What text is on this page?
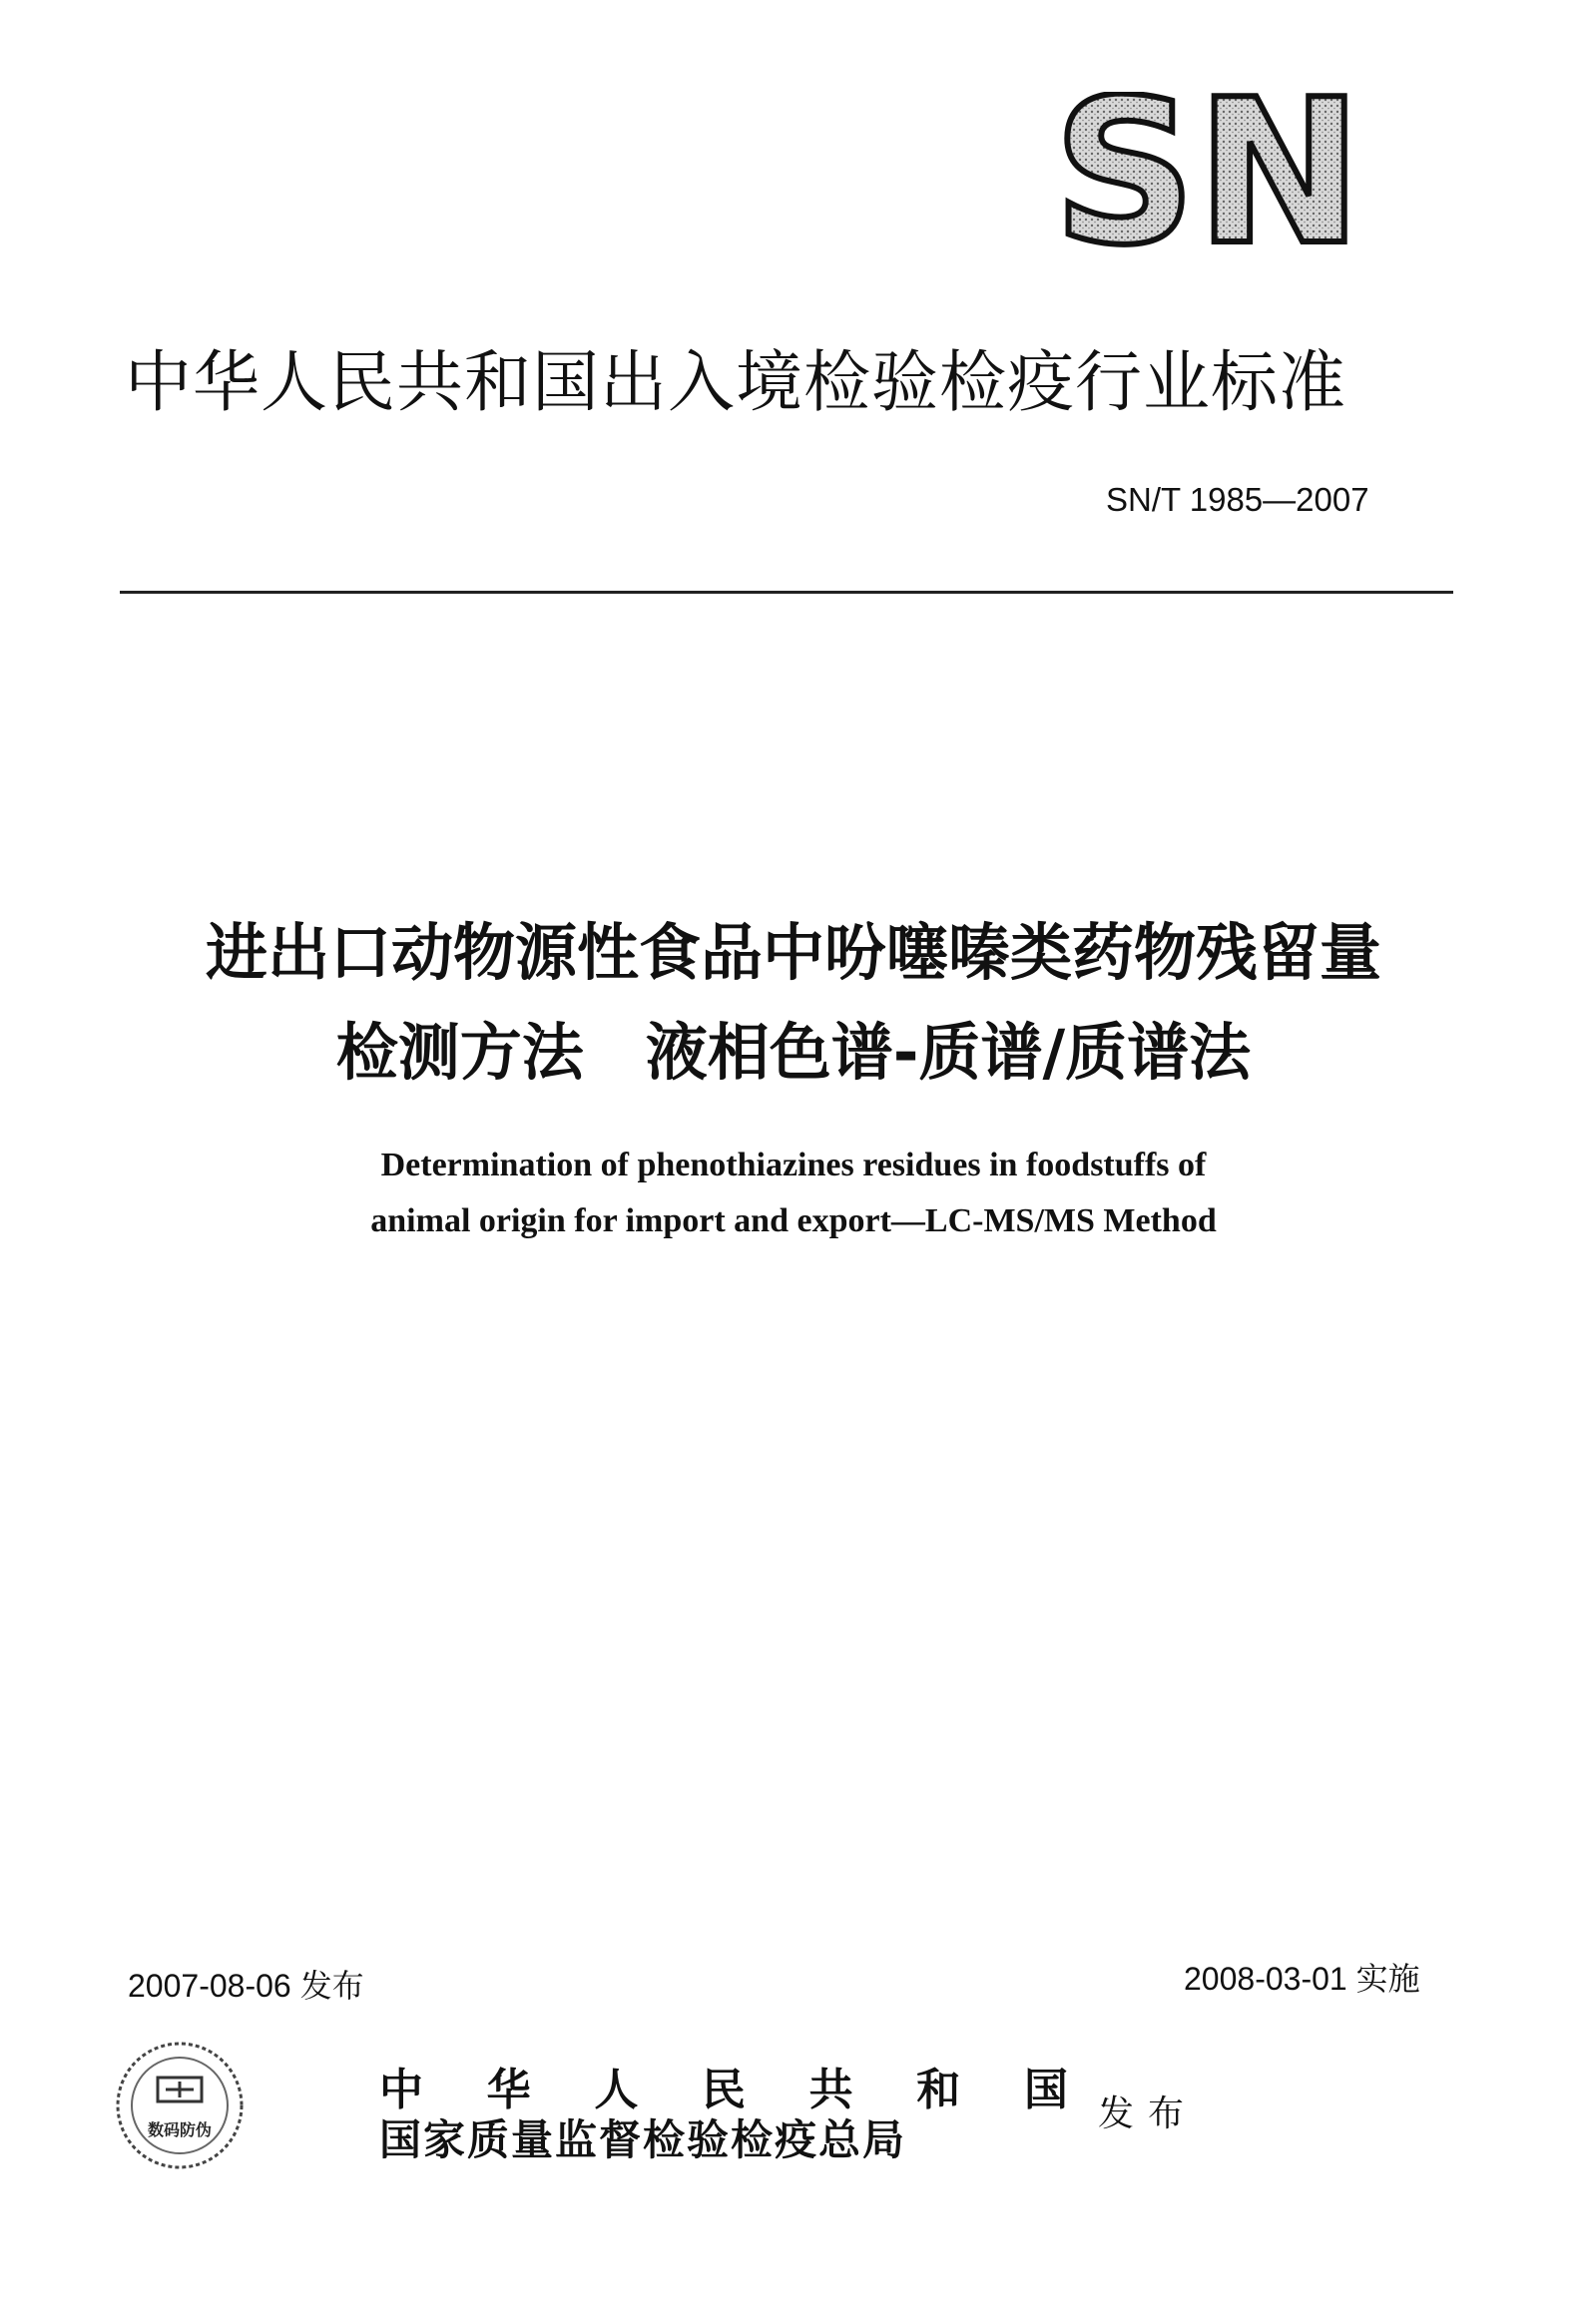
SN
中华人民共和国出入境检验检疫行业标准
SN/T 1985—2007
进出口动物源性食品中吩噻嗪类药物残留量
检测方法　液相色谱-质谱/质谱法
Determination of phenothiazines residues in foodstuffs of
animal origin for import and export—LC-MS/MS Method
2007-08-06 发布	2008-03-01 实施
数码防伪
中 华 人 民 共 和 国
国家质量监督检验检疫总局
发布
